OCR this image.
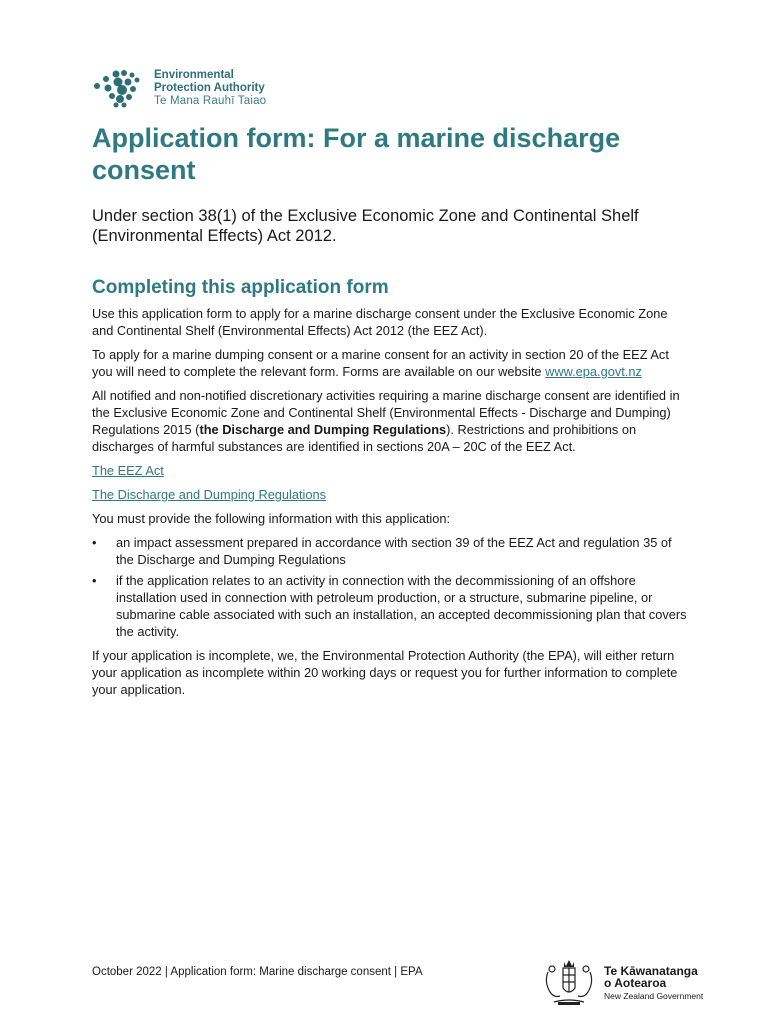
Environmental
Protection Authority
Te Mana Rauhī Taiao
Application form: For a marine discharge consent

Under section 38(1) of the Exclusive Economic Zone and Continental Shelf (Environmental Effects) Act 2012.

Completing this application form

Use this application form to apply for a marine discharge consent under the Exclusive Economic Zone and Continental Shelf (Environmental Effects) Act 2012 (the EEZ Act).

To apply for a marine dumping consent or a marine consent for an activity in section 20 of the EEZ Act you will need to complete the relevant form. Forms are available on our website www.epa.govt.nz

All notified and non-notified discretionary activities requiring a marine discharge consent are identified in the Exclusive Economic Zone and Continental Shelf (Environmental Effects - Discharge and Dumping) Regulations 2015 (the Discharge and Dumping Regulations). Restrictions and prohibitions on discharges of harmful substances are identified in sections 20A – 20C of the EEZ Act.

The EEZ Act

The Discharge and Dumping Regulations

You must provide the following information with this application:

• an impact assessment prepared in accordance with section 39 of the EEZ Act and regulation 35 of the Discharge and Dumping Regulations
• if the application relates to an activity in connection with the decommissioning of an offshore installation used in connection with petroleum production, or a structure, submarine pipeline, or submarine cable associated with such an installation, an accepted decommissioning plan that covers the activity.

If your application is incomplete, we, the Environmental Protection Authority (the EPA), will either return your application as incomplete within 20 working days or request you for further information to complete your application.

October 2022 | Application form: Marine discharge consent | EPA	Te Kāwanatanga
o Aotearoa
New Zealand Government
